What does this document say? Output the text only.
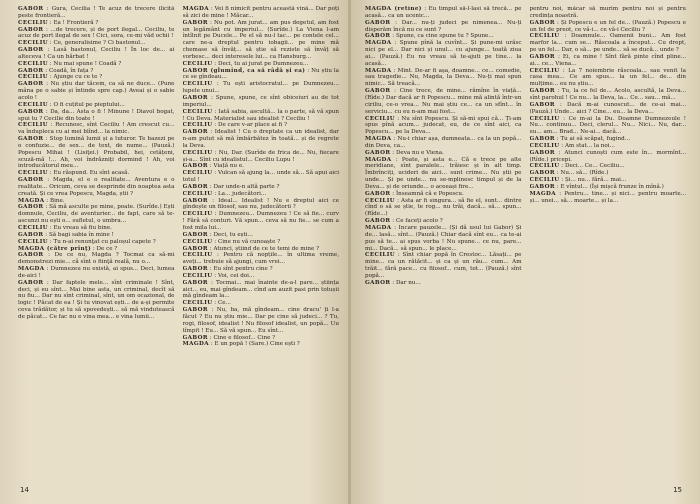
GABOR : Gura, Cecilia ! Te acuz de trecere ilicită peste frontieră...

CECILIU : Ea ! Frontieră ?

GABOR : ...de trecere, și de port ilegal... Ceciliu, te acuz de port ilegal de sex ! Cici, sora, ce-mi văd ochii !

CECILIU : Ce, generalisime ? Ci bastonul...

GABOR : Lasă bastonul, Ceciliu ! În loc de... ai alteceva ! Ca un bărbat !

CECILIU : Nu mai spune ! Coadă ?

GABOR : Coadă, în fața ?

CECILIU : Ajunge cu ce te ?

GABOR : Nu știu dar tăcem, ca să ne duce... (Pune mâna pe o sabie și întinde spre cap.) Aveai și o sabie acolo !

CECILIU : O fi cuțitul pe pieptului...

GABOR : Da, da... Asta o fi ! Minune ! Diavol bogat, spui tu ? Cecilie din toate !

CECILIU : Recunosc, sînt Ceciliu ! Am crescut cu... va îndupleca cu ai mei blînd... la nimic.

GABOR : Stop lumină lumii și a tuturor. Te bazezi pe o confuzie... de sex... de text, de nume... (Pauză.) Popescu Mihai ! (Lisiţei.) Probabil, hei, cetățeni, scuză-mă !... Ah, voi îndrăzniți dormind ! Ah, voi introducătorul meu...

CECILIU : Eu răspund. Eu sînt acasă.

GABOR : Magda, el e o realitate... Aventura e o realitate... Oricum, ceva se desprinde din noaptea asta creată. Și ce vrea Popescu, Magda, știi ?

MAGDA : Bine.

GABOR : Să mă asculte pe mine, poate. (Surîde.) Ești domnule, Ceciliu, de aventurier... de fapt, care să te-ascunzi nu ești o... sufletul, o umbra...

CECILIU : Eu vreau să fiu bine.

GABOR : Să bagi sabia în mine !

CECILIU : Tu n-ai renunţat cu paloșul capete ?

MAGDA (către prinţ) : De ce ?

GABOR : De ce nu, Magda ? Tocmai ca să-mi demonstrezi mie... că sînt o fiinţă reală, nu o...

MAGDA : Dumnezeu nu există, ai spus... Deci, lumea de-aici !

GABOR : Dar faptele mele... sînt criminale ! Sînt, deci, și eu sînt... Mai bine asta, un criminal, decît să nu fiu... Dar nu sînt criminal, sînt, un om ocazional, de logic ! Păcat de ea ! Și tu vinovat ești... de a-și permite ceva trădător, și tu să spovedești... să mă vindutească de păcat... Ce fac nu e vina mea... e vina lumii...

MAGDA : Vei fi nimicit pentru această vină... Dar poți să zici de mine ! Măcar...

GABOR : Nu pot. Am jurat... am pus degetul, am fost un legământ cu imperiul... (Surîde.) La Viena l-am întîlnit pe Ducele... Pe el să nu-l tac... pe contele cel... care ne-a dreptul pentru iobagii... pe mine mă chemase să învăț... să știe să reziste să învăț să vorbesc... deci interesele lui... ca Hansburg...

CECILIU : Deci, tu ai jurat pe Dumnezeu...

GABOR (glumind, ca să râdă și ea) : Nu știu la ce se gîndeau...

CECILIU : Tu ești aristocratul... pe Dumnezeu... lupele unui...

GABOR : Spune, spune, ce sînt obiceiuri au de tot imperiul...

CECILIU : Iată sabia, ascultă... la o parte, să vă spun ! Cu Deva. Materialist sau idealist ? Ceciliu !

CECILIU : De care v-ar place ai fi ?

GABOR : Idealist ! Cu o dreptate ca un idealist, dar n-am putut să mă îmbărbătez în toată... și de regrete la Deva.

CECILIU : Nu, Dar. (Surîde de frica de... Nu, fiecare și-a... Sînt cu idealistul... Ceciliu Lupu !

GABOR : Viață nu e.

CECILIU : Vulcan să ajung la... unde să... Să apui aici totul !

GABOR : Dar unde-n altă parte ?

CECILIU : La... judecători...

GABOR : Ideal... Idealist ! Nu e dreptul aici ce gîndește un filosof, sau nu, judecătorii ?

CECILIU : Dumnezeu... Dumnezeu ! Ce să fie... curv ! Fără să conturi. Vă spun... ceva să nu fie... se cum a fost mila lui...

GABOR : Deci, tu ești...

CECILIU : Cine nu vă cunoaște ?

GABOR : Atunci, știind de ce te temi de mine ?

CECILIU : Pentru că nopțile... în ultima vreme, aveți... trebuie să ajungi, cum vrei...

GABOR : Eu sînt pentru cine ?

CECILIU : Voi, cei doi...

GABOR : Tocmai... mai înainte de-a-l pare... știința aici... eu, mai gîndeam... cînd am auzit pasi prin totușii mă gîndeam la...

CECILIU : Ce...

GABOR : Nu, ba, mă gîndeam... cine dracu' ți l-a făcut ? Eu nu știu mie... Dar pe cine să judeci... ? Tu, rogi, filosof, idealist ! Nu filosof idealist, un popă... Uu tîmpit ! Eu... Să vă spun... Eu sînt...

GABOR : Cine e filosof... Cine ?

MAGDA : E un popă ! (Sare.) Cine ești ?

14

MAGDA (retine) : Eu timpul să-l-lasi să trecă... pe acasă... ca un ucenic...

GABOR : Dar... nu-ți judeci pe nimenea... Nu-ți disperăm încă nu ce sunt ?

GABOR : Spune, ca cine spune tu ? Spune...

MAGDA : Spune pînă la cuvînt... Și pune-mi urăsc nici pe el... Dar nici și unul... cu ajunge... toată ziua ai... (Pauză.) Eu nu vreau să te-ajuti pe tine... la acasă...

MAGDA : Mint. De-ar fi așa, doamne... ce... comedie, sau tragedie... Nu, Magda, la Deva... Nu-ți mai spun nimic... Să treacă...

GABOR : Cine trece, de mine... rămîne în viață... (Rîde.) Dar dacă ar fi Popescu... mine mă alintă într-un ciriliu, ce-o vrea... Nu mai știu ce... ca un sfînt... în serviciu... cu eu n-am mai fost...

CECILIU : Nu sînt Popescu. Și să-mi spui că... Ți-am spus pînă acum... judecat, eu, de ce sînt aici, ca Popescu... pe la Deva...

MAGDA : Nu-i chiar așa, dumneata... ca la un popă... din Deva, ca...

GABOR : Deva nu e Viena.

MAGDA : Poate, și asta e... Că e trece pe alte meridiane, sînt paralele... trăiesc și în alt timp. Îmbrînciți, ucideri de aici... sunt crime... Nu știi pe unde... Și pe unde... nu se-mplinesc timpul și de la Deva... și de oriunde... o aceeași fire...

GABOR : Înseamnă că e Popescu.

CECILIU : Asta ar fi singura... să fie el, sunt... dintre cînd o să se știe, te rog... nu trăi, dacă... să... spun... (Rîde...)

GABOR : Ce faceți acolo ?

MAGDA : Incare pauzele... (Și dă usul lui Gabor) Și de... lasă... sînt... (Pauză.) Chiar dacă sînt eu... ca te-ai pus să te... ai spus vorba ! Nu spune... ce nu, pare... mi... Dacă... să spun... le place...

CECILIU : Sînt chiar popă în Crestoc... Lăsați... pe mine... ca un rătăcit... și ca și un rău... cum... Am trăit... fără pace... cu filosof... cum, tot... (Pauză.) sînt popă...

GABOR : Dar nu...

pentru noi, măcar să murim pentru noi și pentru credința noastră.

GABOR : Și Popescu e un fel de... (Pauză.) Popescu e un fel de preot, ce vă-i... ce vă-i Ceciliu ?

CECILIU : Doamnule... Oamenii buni... Am fost marfor la... cum se... Răscoala a început... Cu drept, pe un fel... Dar, o să... pe unde... să se ducă... unde ?

GABOR : Ei, ca mine ! Sînt fără pinte cînd pline... ai... ce... Viena...

CECILIU : La 7 noiembrie răscoala... sau venit la casa mea... Ce am spus... la un fel... de... din mulțime... eu nu știu...

GABOR : Tu, la ce fel de... Acolo, ascultă, la Deva... sînt parohul ! Ce nu... la Deva, la... Ce... sau... mă...

GABOR : Dacă m-ai cunoscut... de ce-ai mai... (Pauză.) Unde... aici ? Cine... eu... la Deva...

CECILIU : Ce m-ai la Du. Doamne Dumnezeule ! Nu... continuu... Deci, clerul... Nu... Nici... Nu, dar... eu... am... Brad... Ne-ai... dacă...

GABOR : Tu ai să scăpat, fugind...

CECILIU : Am stat... la noi...

GABOR : Atunci cunoști cum este în... mormînt... (Rîde.) pricepi.

CECILIU : Deci... Ce... Ceciliu...

GABOR : Nu... să... (Rîde.)

CECILIU : Și... nu... fără... mai...

GABOR : E vîntul... (Își mișcă frunze în mînă.)

MAGDA : Pentru... tine... și nici... pentru moarte... și... unei... să... moarte... și la...

15
